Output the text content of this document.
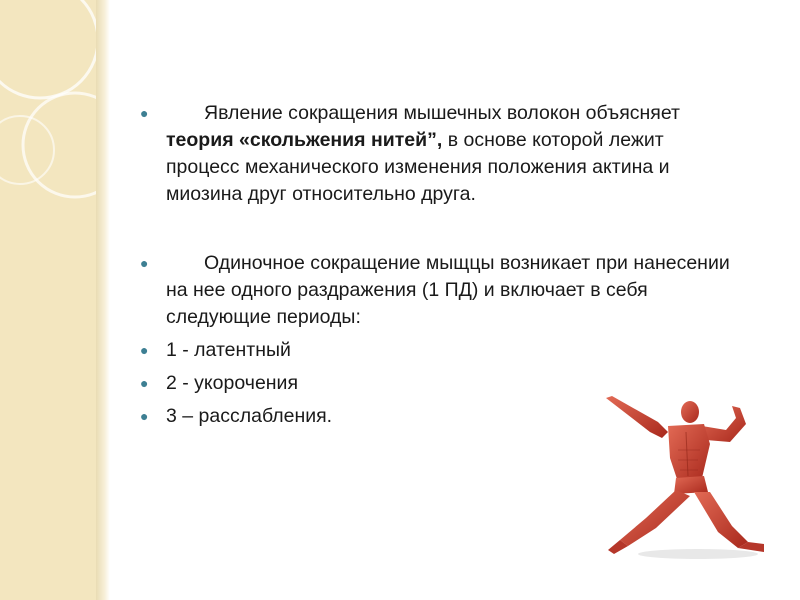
●	Явление сокращения мышечных волокон объясняет теория «скольжения нитей”, в основе которой лежит процесс механического изменения положения актина и миозина друг относительно друга.
●	Одиночное сокращение мыщцы возникает при нанесении на нее одного раздражения (1 ПД) и включает в себя следующие периоды:
● 1 - латентный
● 2 - укорочения
● 3 – расслабления.
